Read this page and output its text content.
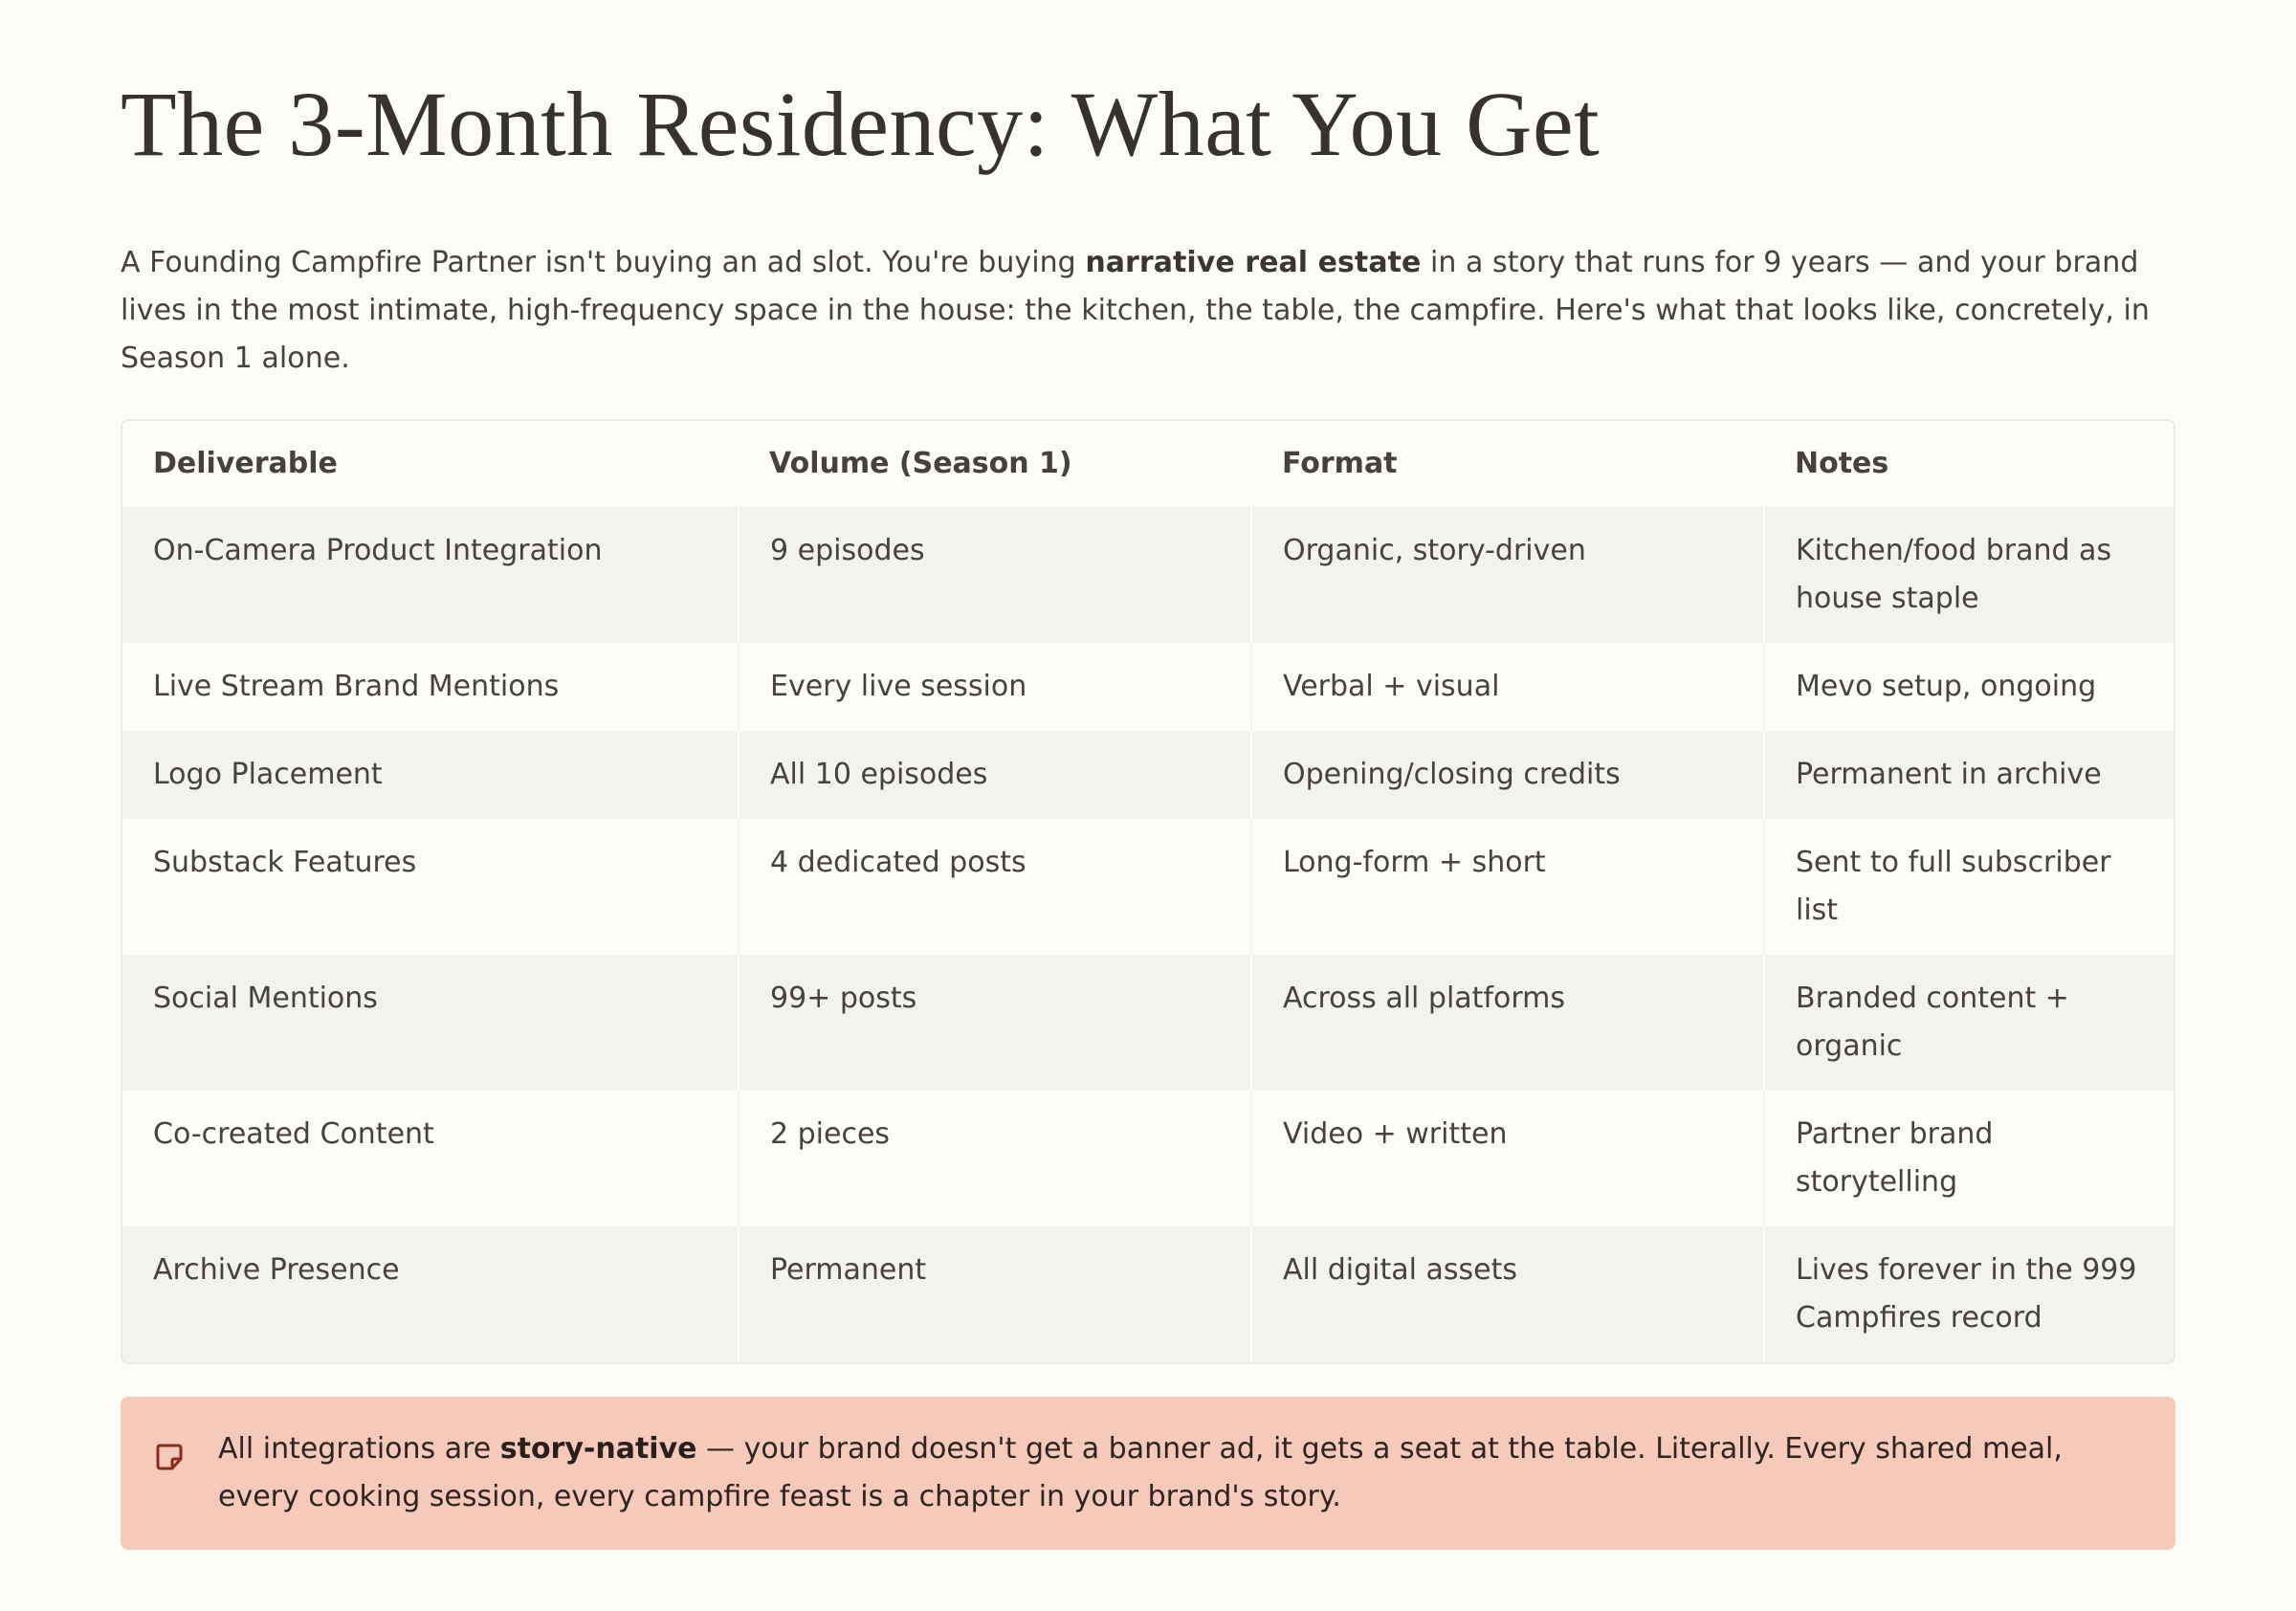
The 3-Month Residency: What You Get

A Founding Campfire Partner isn't buying an ad slot. You're buying narrative real estate in a story that runs for 9 years — and your brand lives in the most intimate, high-frequency space in the house: the kitchen, the table, the campfire. Here's what that looks like, concretely, in Season 1 alone.

Deliverable	Volume (Season 1)	Format	Notes
On-Camera Product Integration	9 episodes	Organic, story-driven	Kitchen/food brand as house staple
Live Stream Brand Mentions	Every live session	Verbal + visual	Mevo setup, ongoing
Logo Placement	All 10 episodes	Opening/closing credits	Permanent in archive
Substack Features	4 dedicated posts	Long-form + short	Sent to full subscriber list
Social Mentions	99+ posts	Across all platforms	Branded content + organic
Co-created Content	2 pieces	Video + written	Partner brand storytelling
Archive Presence	Permanent	All digital assets	Lives forever in the 999 Campfires record
All integrations are story-native — your brand doesn't get a banner ad, it gets a seat at the table. Literally. Every shared meal, every cooking session, every campfire feast is a chapter in your brand's story.
